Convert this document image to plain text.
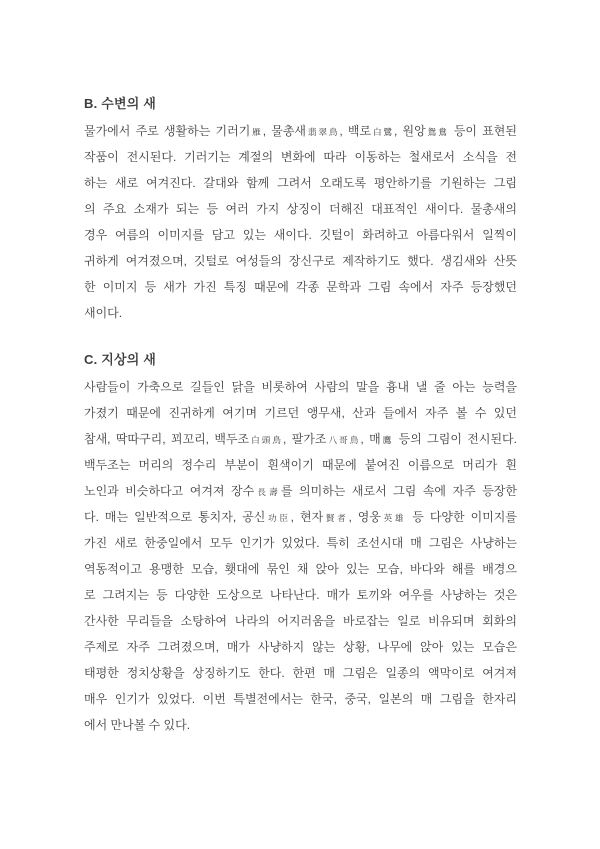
B. 수변의 새
물가에서 주로 생활하는 기러기雁, 물총새翡翠鳥, 백로白鷺, 원앙鴛鴦 등이 표현된
작품이 전시된다. 기러기는 계절의 변화에 따라 이동하는 철새로서 소식을 전
하는 새로 여겨진다. 갈대와 함께 그려서 오래도록 평안하기를 기원하는 그림
의 주요 소재가 되는 등 여러 가지 상징이 더해진 대표적인 새이다. 물총새의
경우 여름의 이미지를 담고 있는 새이다. 깃털이 화려하고 아름다워서 일찍이
귀하게 여겨졌으며, 깃털로 여성들의 장신구로 제작하기도 했다. 생김새와 산뜻
한 이미지 등 새가 가진 특징 때문에 각종 문학과 그림 속에서 자주 등장했던
새이다.
C. 지상의 새
사람들이 가축으로 길들인 닭을 비롯하여 사람의 말을 흉내 낼 줄 아는 능력을
가졌기 때문에 진귀하게 여기며 기르던 앵무새, 산과 들에서 자주 볼 수 있던
참새, 딱따구리, 꾀꼬리, 백두조白頭鳥, 팔가조八哥鳥, 매鷹 등의 그림이 전시된다.
백두조는 머리의 정수리 부분이 흰색이기 때문에 붙여진 이름으로 머리가 흰
노인과 비슷하다고 여겨져 장수長壽를 의미하는 새로서 그림 속에 자주 등장한
다. 매는 일반적으로 통치자, 공신功臣, 현자賢者, 영웅英雄 등 다양한 이미지를
가진 새로 한중일에서 모두 인기가 있었다. 특히 조선시대 매 그림은 사냥하는
역동적이고 용맹한 모습, 횃대에 묶인 채 앉아 있는 모습, 바다와 해를 배경으
로 그려지는 등 다양한 도상으로 나타난다. 매가 토끼와 여우를 사냥하는 것은
간사한 무리들을 소탕하여 나라의 어지러움을 바로잡는 일로 비유되며 회화의
주제로 자주 그려졌으며, 매가 사냥하지 않는 상황, 나무에 앉아 있는 모습은
태평한 정치상황을 상징하기도 한다. 한편 매 그림은 일종의 액막이로 여겨져
매우 인기가 있었다. 이번 특별전에서는 한국, 중국, 일본의 매 그림을 한자리
에서 만나볼 수 있다.
